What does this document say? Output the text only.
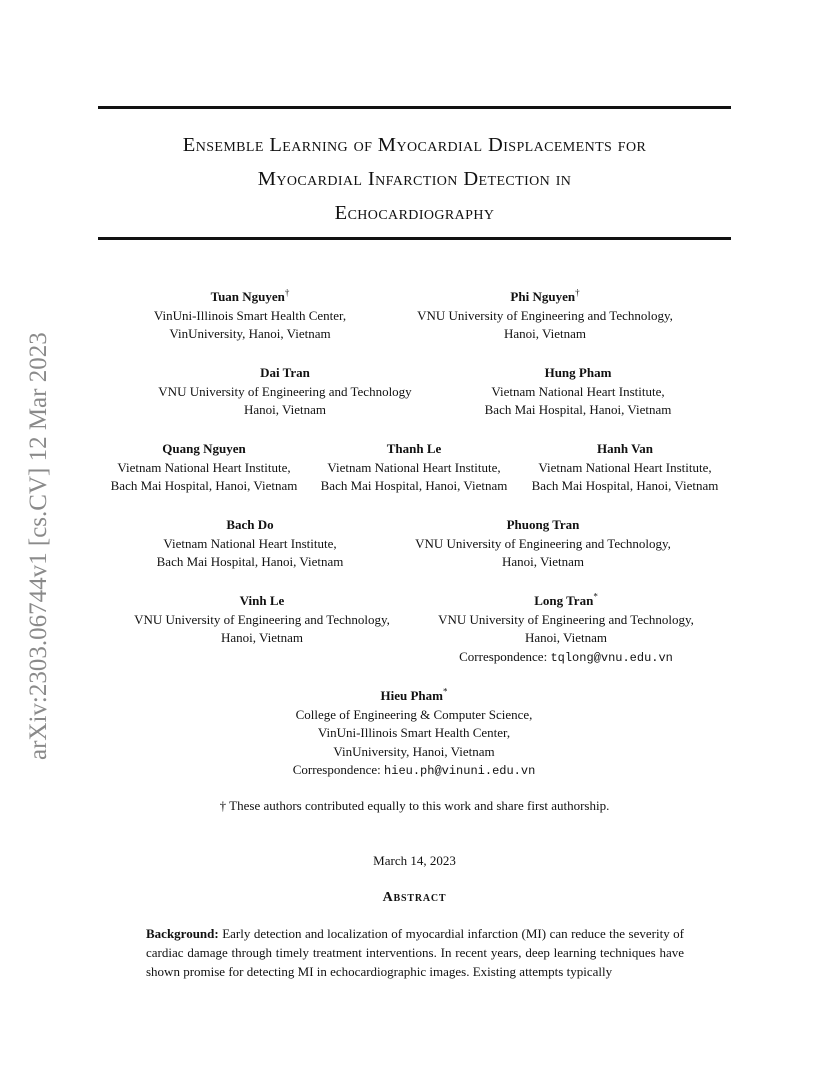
arXiv:2303.06744v1 [cs.CV] 12 Mar 2023
Ensemble Learning of Myocardial Displacements for
Myocardial Infarction Detection in
Echocardiography
Tuan Nguyen†
VinUni-Illinois Smart Health Center,
VinUniversity, Hanoi, Vietnam
Phi Nguyen†
VNU University of Engineering and Technology,
Hanoi, Vietnam
Dai Tran
VNU University of Engineering and Technology
Hanoi, Vietnam
Hung Pham
Vietnam National Heart Institute,
Bach Mai Hospital, Hanoi, Vietnam
Quang Nguyen
Vietnam National Heart Institute,
Bach Mai Hospital, Hanoi, Vietnam
Thanh Le
Vietnam National Heart Institute,
Bach Mai Hospital, Hanoi, Vietnam
Hanh Van
Vietnam National Heart Institute,
Bach Mai Hospital, Hanoi, Vietnam
Bach Do
Vietnam National Heart Institute,
Bach Mai Hospital, Hanoi, Vietnam
Phuong Tran
VNU University of Engineering and Technology,
Hanoi, Vietnam
Vinh Le
VNU University of Engineering and Technology,
Hanoi, Vietnam
Long Tran*
VNU University of Engineering and Technology,
Hanoi, Vietnam
Correspondence: tqlong@vnu.edu.vn
Hieu Pham*
College of Engineering & Computer Science,
VinUni-Illinois Smart Health Center,
VinUniversity, Hanoi, Vietnam
Correspondence: hieu.ph@vinuni.edu.vn
† These authors contributed equally to this work and share first authorship.
March 14, 2023
Abstract
Background: Early detection and localization of myocardial infarction (MI) can reduce the severity of cardiac damage through timely treatment interventions. In recent years, deep learning techniques have shown promise for detecting MI in echocardiographic images. Existing attempts typically
